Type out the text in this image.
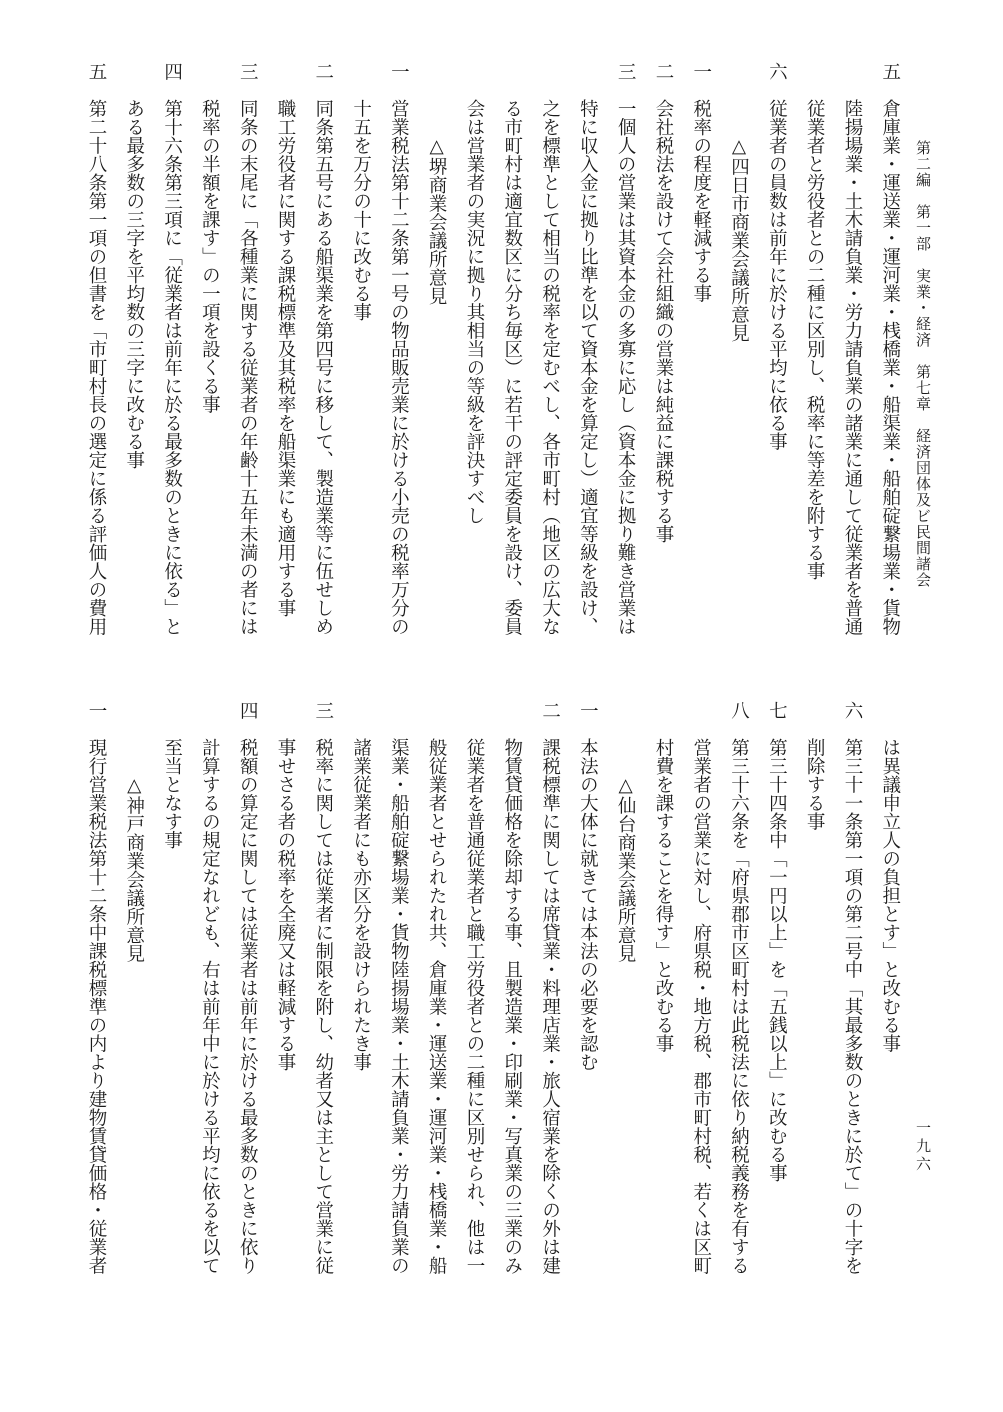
第二編　第一部　実業・経済　第七章　経済団体及ビ民間諸会
一九六
五　倉庫業・運送業・運河業・桟橋業・船渠業・船舶碇繋場業・貨物
　　陸揚場業・土木請負業・労力請負業の諸業に通して従業者を普通
　　従業者と労役者との二種に区別し、税率に等差を附する事
六　従業者の員数は前年に於ける平均に依る事
　　　　△四日市商業会議所意見
一　税率の程度を軽減する事
二　会社税法を設けて会社組織の営業は純益に課税する事
三　一個人の営業は其資本金の多寡に応し（資本金に拠り難き営業は
　　特に収入金に拠り比準を以て資本金を算定し）適宜等級を設け、
　　之を標準として相当の税率を定むべし、各市町村（地区の広大な
　　る市町村は適宜数区に分ち毎区）に若干の評定委員を設け、委員
　　会は営業者の実況に拠り其相当の等級を評決すべし
　　　　△堺商業会議所意見
一　営業税法第十二条第一号の物品販売業に於ける小売の税率万分の
　　十五を万分の十に改むる事
二　同条第五号にある船渠業を第四号に移して、製造業等に伍せしめ
　　職工労役者に関する課税標準及其税率を船渠業にも適用する事
三　同条の末尾に「各種業に関する従業者の年齢十五年未満の者には
　　税率の半額を課す」の一項を設くる事
四　第十六条第三項に「従業者は前年に於る最多数のときに依る」と
　　ある最多数の三字を平均数の三字に改むる事
五　第二十八条第一項の但書を「市町村長の選定に係る評価人の費用
　　は異議申立人の負担とす」と改むる事
六　第三十一条第一項の第二号中「其最多数のときに於て」の十字を
　　削除する事
七　第三十四条中「一円以上」を「五銭以上」に改むる事
八　第三十六条を「府県郡市区町村は此税法に依り納税義務を有する
　　営業者の営業に対し、府県税・地方税、郡市町村税、若くは区町
　　村費を課することを得す」と改むる事
　　　　△仙台商業会議所意見
一　本法の大体に就きては本法の必要を認む
二　課税標準に関しては席貸業・料理店業・旅人宿業を除くの外は建
　　物賃貸価格を除却する事、且製造業・印刷業・写真業の三業のみ
　　従業者を普通従業者と職工労役者との二種に区別せられ、他は一
　　般従業者とせられたれ共、倉庫業・運送業・運河業・桟橋業・船
　　渠業・船舶碇繋場業・貨物陸揚場業・土木請負業・労力請負業の
　　諸業従業者にも亦区分を設けられたき事
三　税率に関しては従業者に制限を附し、幼者又は主として営業に従
　　事せさる者の税率を全廃又は軽減する事
四　税額の算定に関しては従業者は前年に於ける最多数のときに依り
　　計算するの規定なれども、右は前年中に於ける平均に依るを以て
　　至当となす事
　　　　△神戸商業会議所意見
一　現行営業税法第十二条中課税標準の内より建物賃貸価格・従業者
